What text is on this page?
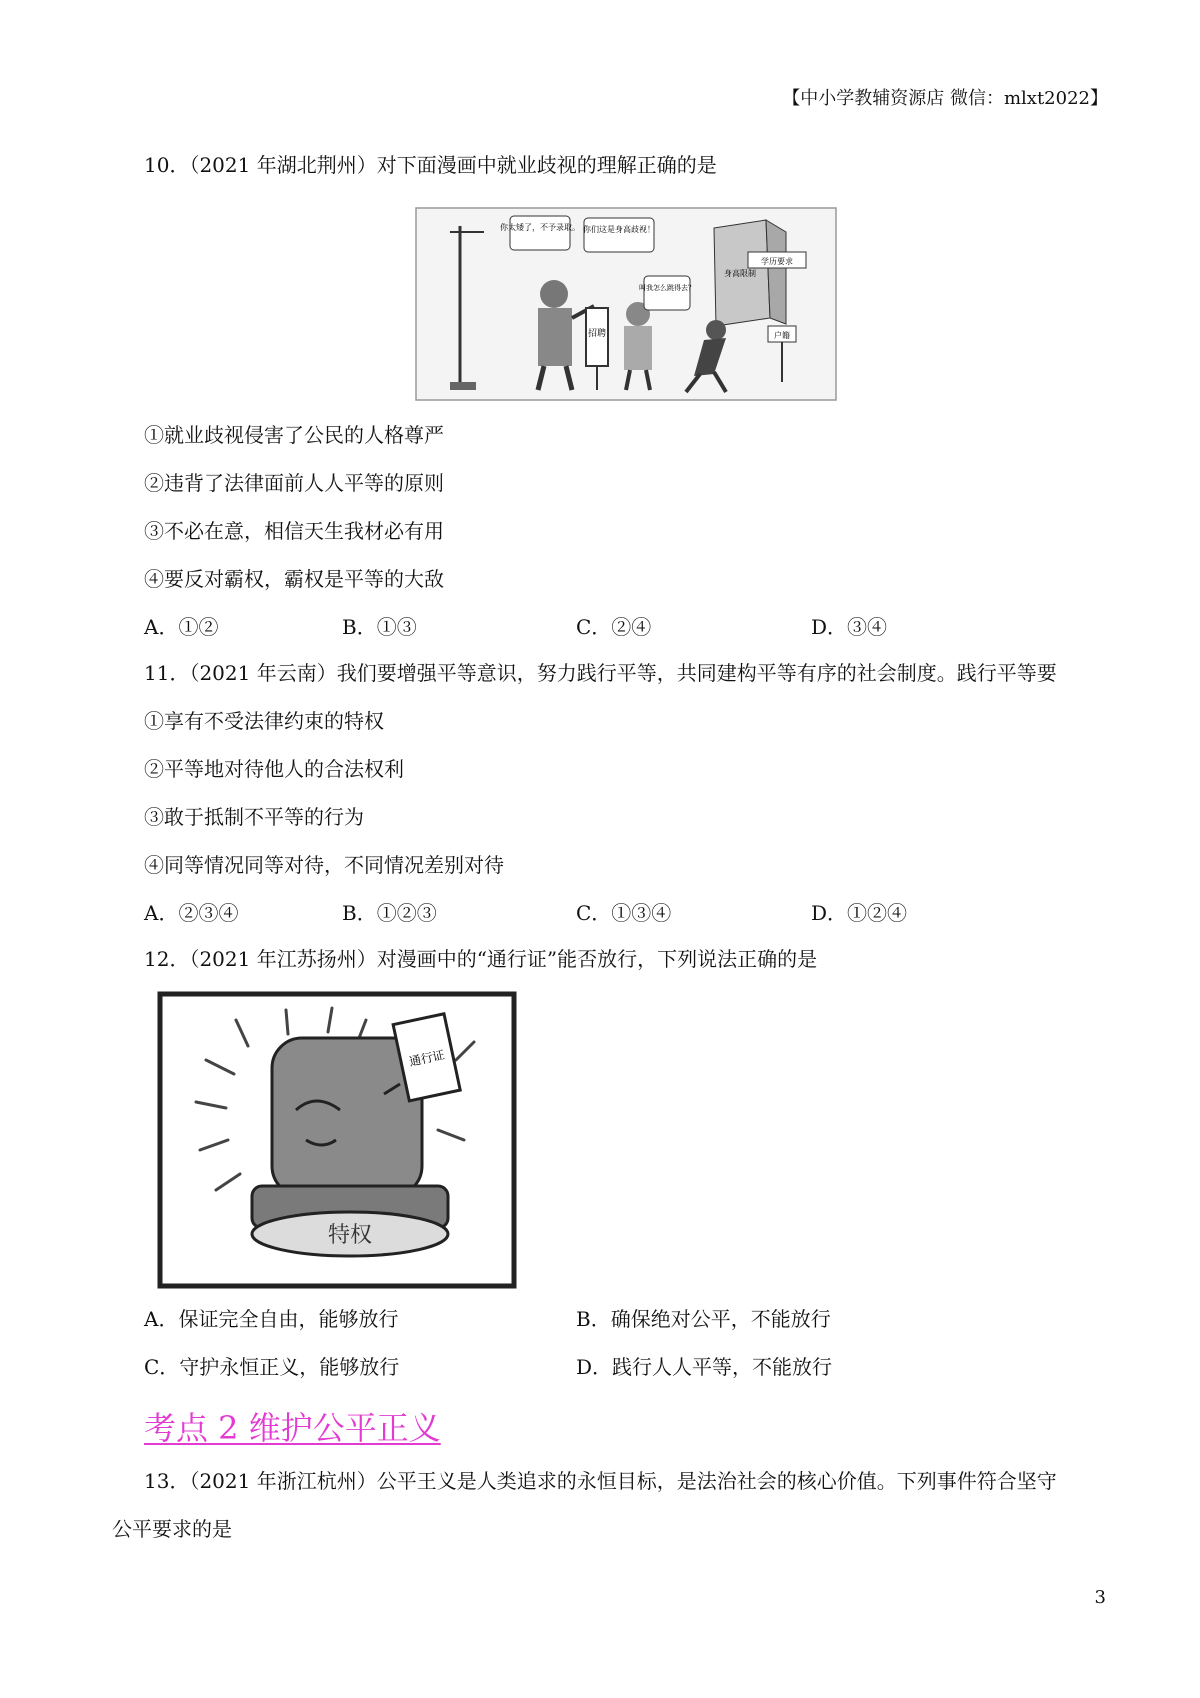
【中小学教辅资源店 微信：mlxt2022】
10．（2021 年湖北荆州）对下面漫画中就业歧视的理解正确的是
你太矮了，不予录取。 你们这是身高歧视！
招聘
叫我怎么跳得去？
身高限制
学历要求
户籍
①就业歧视侵害了公民的人格尊严
②违背了法律面前人人平等的原则
③不必在意，相信天生我材必有用
④要反对霸权，霸权是平等的大敌
A．①②	B．①③	C．②④	D．③④
11．（2021 年云南）我们要增强平等意识，努力践行平等，共同建构平等有序的社会制度。践行平等要
①享有不受法律约束的特权
②平等地对待他人的合法权利
③敢于抵制不平等的行为
④同等情况同等对待，不同情况差别对待
A．②③④	B．①②③	C．①③④	D．①②④
12．（2021 年江苏扬州）对漫画中的“通行证”能否放行，下列说法正确的是
特权
通行证
A．保证完全自由，能够放行	B．确保绝对公平，不能放行
C．守护永恒正义，能够放行	D．践行人人平等，不能放行
考点 2 维护公平正义
13．（2021 年浙江杭州）公平王义是人类追求的永恒目标，是法治社会的核心价值。下列事件符合坚守
公平要求的是
3
